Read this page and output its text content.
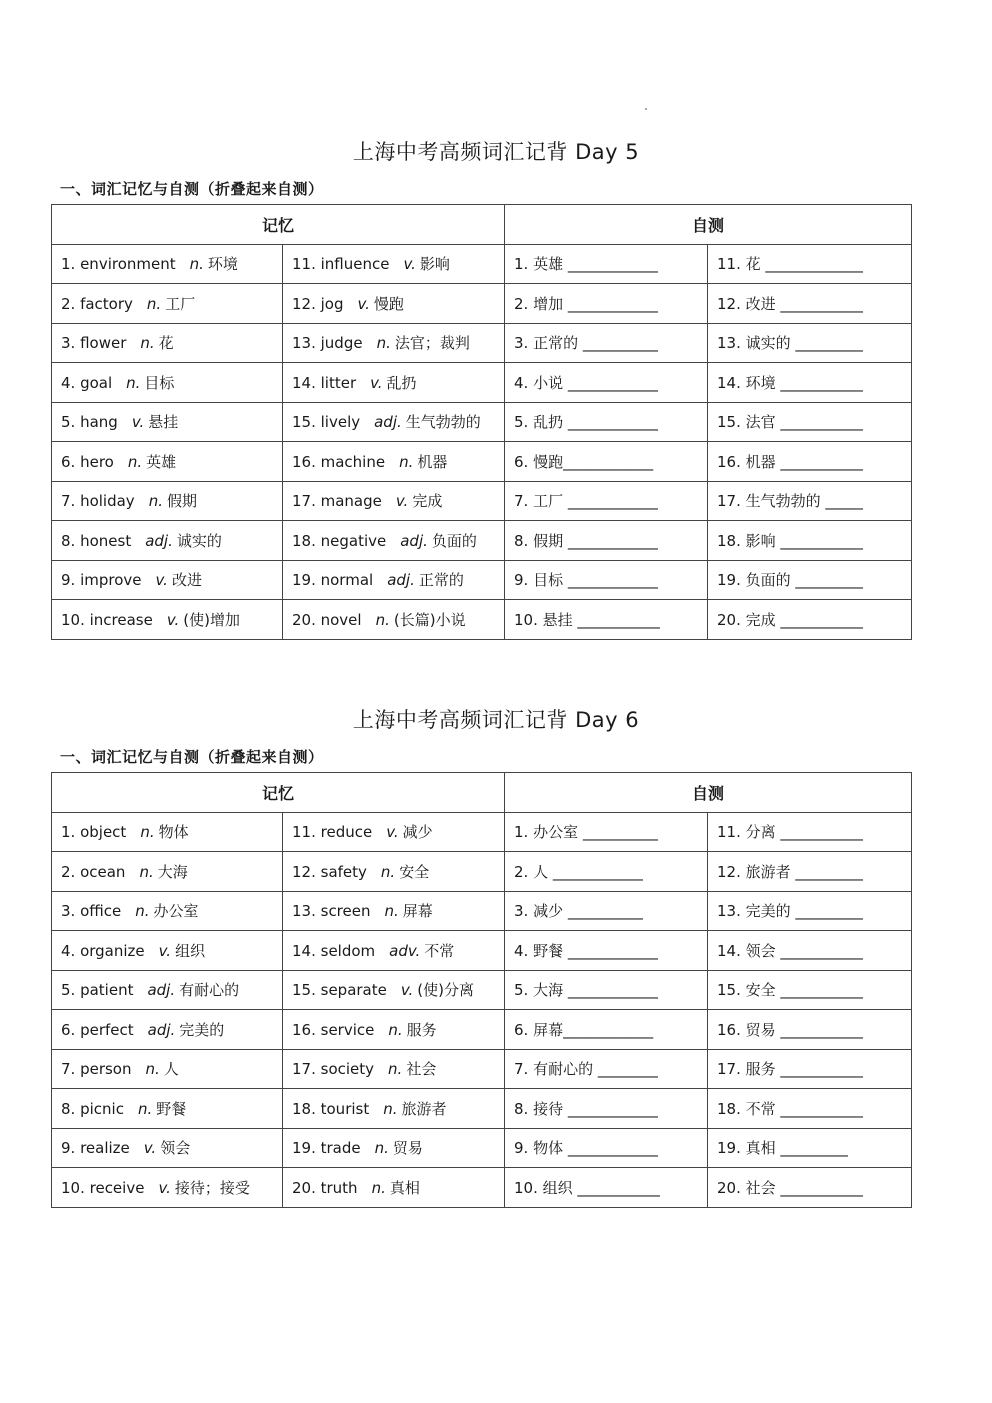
上海中考高频词汇记背 Day 5
一、词汇记忆与自测（折叠起来自测）
记忆		自测	
1. environment n. 环境	11. influence v. 影响	1. 英雄 ____________	11. 花 _____________
2. factory n. 工厂	12. jog v. 慢跑	2. 增加 ____________	12. 改进 ___________
3. flower n. 花	13. judge n. 法官；裁判	3. 正常的 __________	13. 诚实的 _________
4. goal n. 目标	14. litter v. 乱扔	4. 小说 ____________	14. 环境 ___________
5. hang v. 悬挂	15. lively adj. 生气勃勃的	5. 乱扔 ____________	15. 法官 ___________
6. hero n. 英雄	16. machine n. 机器	6. 慢跑____________	16. 机器 ___________
7. holiday n. 假期	17. manage v. 完成	7. 工厂 ____________	17. 生气勃勃的 _____
8. honest adj. 诚实的	18. negative adj. 负面的	8. 假期 ____________	18. 影响 ___________
9. improve v. 改进	19. normal adj. 正常的	9. 目标 ____________	19. 负面的 _________
10. increase v. (使)增加	20. novel n. (长篇)小说	10. 悬挂 ___________	20. 完成 ___________
上海中考高频词汇记背 Day 6
一、词汇记忆与自测（折叠起来自测）
记忆		自测	
1. object n. 物体	11. reduce v. 减少	1. 办公室 __________	11. 分离 ___________
2. ocean n. 大海	12. safety n. 安全	2. 人 ____________	12. 旅游者 _________
3. office n. 办公室	13. screen n. 屏幕	3. 减少 __________	13. 完美的 _________
4. organize v. 组织	14. seldom adv. 不常	4. 野餐 ____________	14. 领会 ___________
5. patient adj. 有耐心的	15. separate v. (使)分离	5. 大海 ____________	15. 安全 ___________
6. perfect adj. 完美的	16. service n. 服务	6. 屏幕____________	16. 贸易 ___________
7. person n. 人	17. society n. 社会	7. 有耐心的 ________	17. 服务 ___________
8. picnic n. 野餐	18. tourist n. 旅游者	8. 接待 ____________	18. 不常 ___________
9. realize v. 领会	19. trade n. 贸易	9. 物体 ____________	19. 真相 _________
10. receive v. 接待；接受	20. truth n. 真相	10. 组织 ___________	20. 社会 ___________
